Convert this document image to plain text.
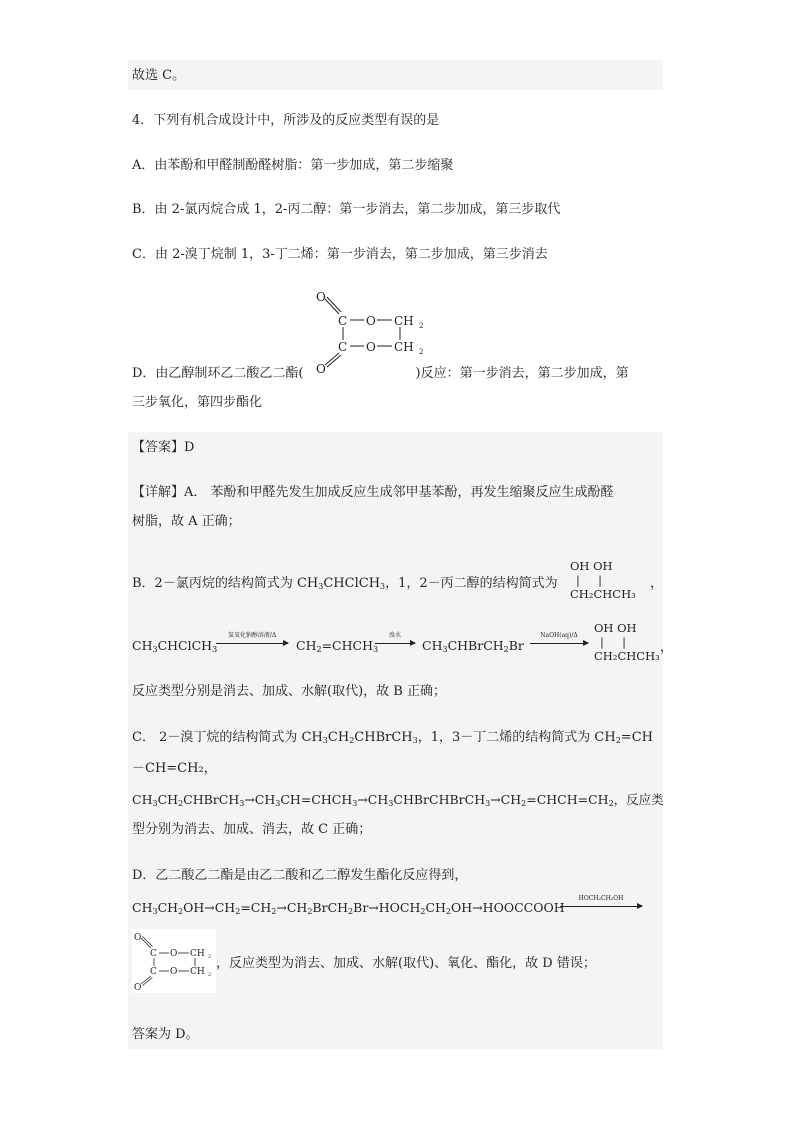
故选 C。
4．下列有机合成设计中，所涉及的反应类型有误的是
A．由苯酚和甲醛制酚醛树脂：第一步加成，第二步缩聚
B．由 2-氯丙烷合成 1，2-丙二醇：第一步消去，第二步加成，第三步取代
C．由 2-溴丁烷制 1，3-丁二烯：第一步消去，第二步加成，第三步消去
O
C O CH 2
C O CH 2
O
D．由乙醇制环乙二酸乙二酯(	)反应：第一步消去，第二步加成，第
三步氧化，第四步酯化
【答案】D
【详解】A． 苯酚和甲醛先发生加成反应生成邻甲基苯酚，再发生缩聚反应生成酚醛
树脂，故 A 正确；
B．2－氯丙烷的结构简式为 $CH_3CHClCH_3$，1，2－丙二醇的结构简式为
OH OH
|     |
CH₂CHCH₃
，
$CH_3CHClCH_3$
氢氧化钠醇溶液/Δ
$CH_2=CHCH_3$
溴水
$CH_3CHBrCH_2Br$
NaOH(aq)/Δ
OH OH
|     |
CH₂CHCH₃
，
反应类型分别是消去、加成、水解(取代)，故 B 正确；
C． 2－溴丁烷的结构简式为 $CH_3CH_2CHBrCH_3$，1，3－丁二烯的结构简式为 $CH_2=CH$
－CH=CH₂，
$CH_3CH_2CHBrCH_3\to CH_3CH=CHCH_3\to CH_3CHBrCHBrCH_3\to CH_2=CHCH=CH_2$，反应类
型分别为消去、加成、消去，故 C 正确；
D．乙二酸乙二酯是由乙二酸和乙二醇发生酯化反应得到，
$CH_3CH_2OH\to CH_2=CH_2\to CH_2BrCH_2Br\to HOCH_2CH_2OH\to HOOCCOOH$
HOCH₂CH₂OH
O
C O CH 2
C O CH 2
O
，反应类型为消去、加成、水解(取代)、氧化、酯化，故 D 错误；
答案为 D。
